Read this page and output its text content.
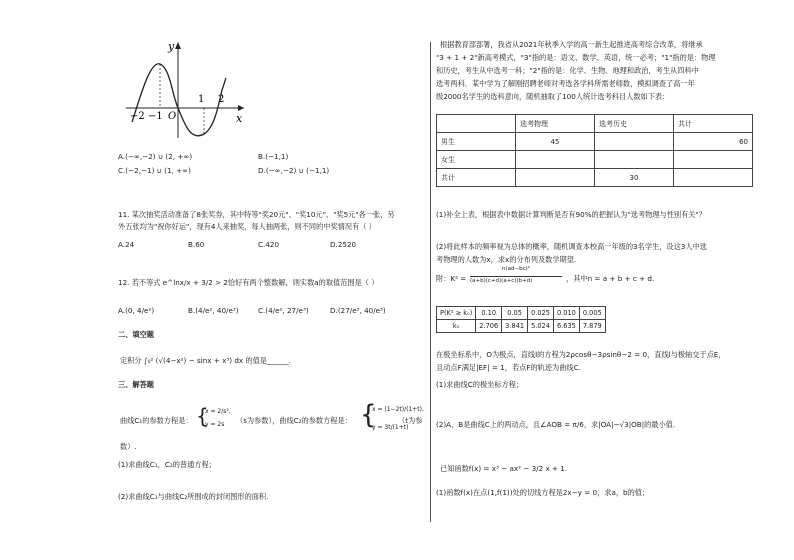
y
x
O
−2 −1
1 2
A.(−∞,−2) ∪ (2, +∞)	B.(−1,1)
C.(−2,−1) ∪ (1, +∞)	D.(−∞,−2) ∪ (−1,1)
11. 某次抽奖活动准备了8张奖券，其中特等"奖20元"、"奖10元"、"奖5元"各一张，另
外五张均为"祝你好运"，现有4人来抽奖，每人抽两张，则不同的中奖情况有（ ）
A.24	B.60	C.420	D.2520
12. 若不等式 e^lnx/x + 3/2 > 2恰好有两个整数解，则实数a的取值范围是（ ）
A.(0, 4/e²)	B.(4/e², 40/e³)	C.(4/e², 27/e³)	D.(27/e³, 40/e³)
二、填空题
定积分 ∫₀² (√(4−x²) − sinx + x³) dx 的值是______.
三、解答题
曲线C₁的参数方程是： {
x = 2/s²,
y = 2s （s为参数），曲线C₂的参数方程是： {
x = (1−2t)/(1+t),
y = 3t/(1+t)
（t为参
数）.
(1)求曲线C₁，C₂的普通方程；
(2)求曲线C₁与曲线C₂所围成的封闭图形的面积.
根据教育部部署，我省从2021年秋季入学的高一新生起推进高考综合改革，将继承
"3 + 1 + 2"新高考模式，"3"指的是：语文、数学、英语，统一必考；"1"指的是：物理
和历史，考生从中选考一科；"2"指的是：化学、生物、地理和政治，考生从四科中
选考两科．某中学为了解刚招聘老师对考选各学科所需老师数，模拟调查了高一年
级2000名学生的选科意向，随机抽取了100人统计选考科目人数如下表：
	选考物理	选考历史	共计
男生	45		60
女生			
共计		30	
(1)补全上表，根据表中数据计算判断是否有90%的把握认为"选考物理与性别有关"？
(2)将此样本的频率视为总体的概率，随机调查本校高一年级的3名学生，设这3人中选
考物理的人数为x，求x的分布列及数学期望.
附：K² =
n(ad−bc)²
(a+b)(c+d)(a+c)(b+d)	，其中n = a + b + c + d.
P(K² ≥ k₀)	0.10	0.05	0.025	0.010	0.005
k₀	2.706	3.841	5.024	6.635	7.879
在极坐标系中，O为极点，直线l的方程为2ρcosθ−3ρsinθ−2 = 0，直线l与极轴交于点E，
且动点F满足|EF| = 1，若点F的轨迹为曲线C.
(1)求曲线C的极坐标方程；
(2)A，B是曲线C上的两动点，且∠AOB = π/6，求|OA|−√3|OB|的最小值.
已知函数f(x) = x³ − ax² − 3/2 x + 1.
(1)函数f(x)在点(1,f(1))处的切线方程是2x−y = 0，求a，b的值；
